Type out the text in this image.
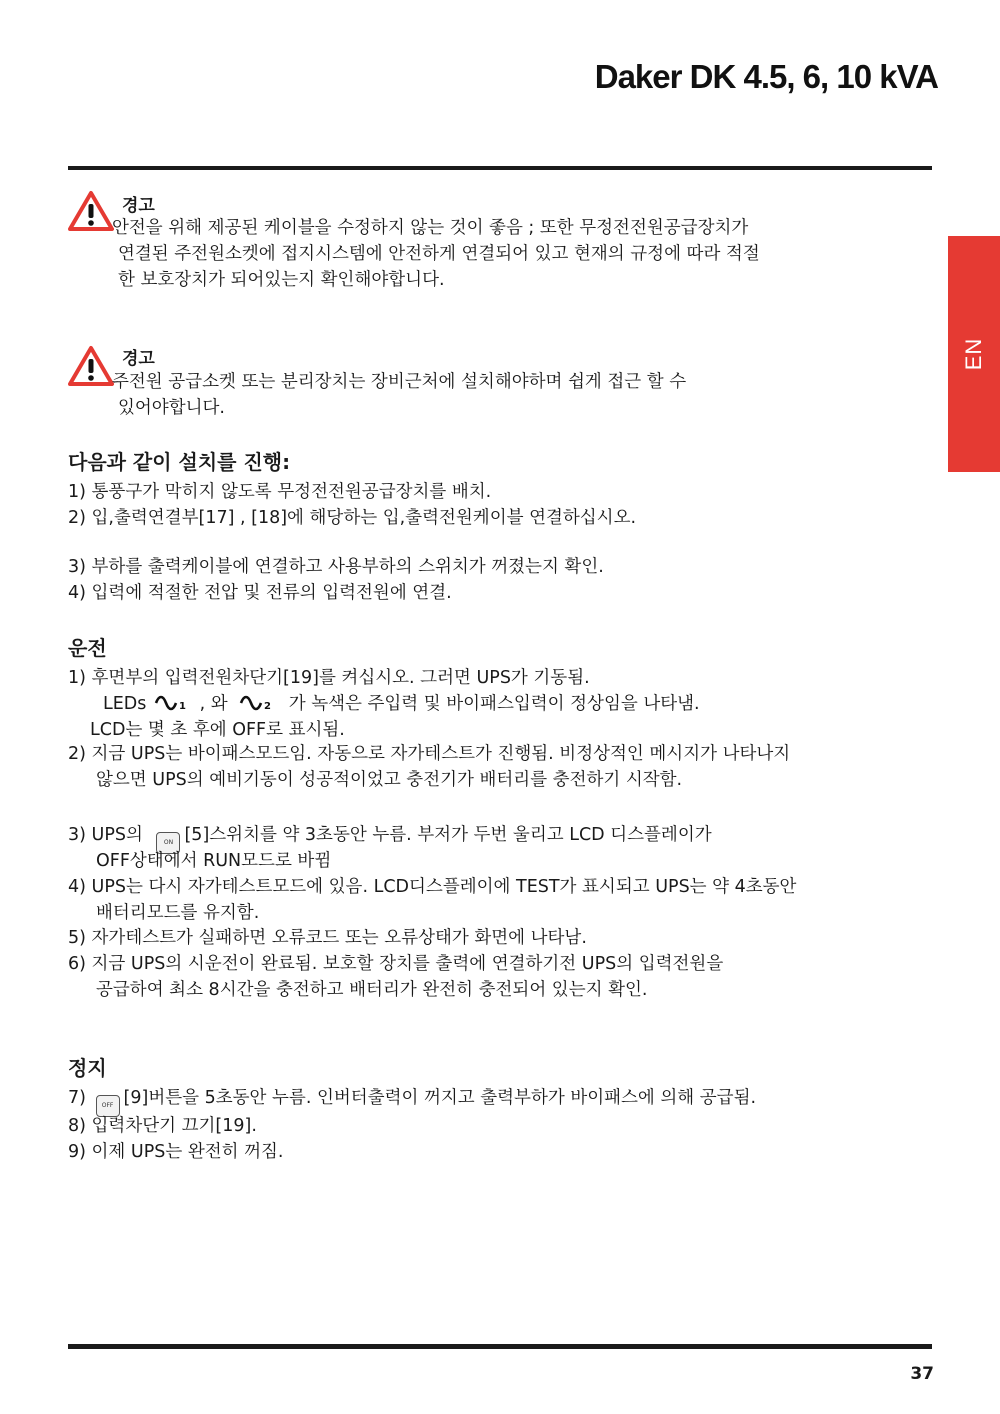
Daker DK 4.5, 6, 10 kVA
EN
경고
안전을 위해 제공된 케이블을 수정하지 않는 것이 좋음 ; 또한 무정전전원공급장치가
연결된 주전원소켓에 접지시스템에 안전하게 연결되어 있고 현재의 규정에 따라 적절
한 보호장치가 되어있는지 확인해야합니다.
경고
주전원 공급소켓 또는 분리장치는 장비근처에 설치해야하며 쉽게 접근 할 수
있어야합니다.
다음과 같이 설치를 진행:
1) 통풍구가 막히지 않도록 무정전전원공급장치를 배치.
2) 입,출력연결부[17] , [18]에 해당하는 입,출력전원케이블 연결하십시오.
3) 부하를 출력케이블에 연결하고 사용부하의 스위치가 꺼졌는지 확인.
4) 입력에 적절한 전압 및 전류의 입력전원에 연결.
운전
1) 후면부의 입력전원차단기[19]를 켜십시오. 그러면 UPS가 기동됨.
LEDs	1 , 와	2 가 녹색은 주입력 및 바이패스입력이 정상임을 나타냄.
LCD는 몇 초 후에 OFF로 표시됨.
2) 지금 UPS는 바이패스모드임. 자동으로 자가테스트가 진행됨. 비정상적인 메시지가 나타나지
않으면 UPS의 예비기동이 성공적이었고 충전기가 배터리를 충전하기 시작함.
3) UPS의	ON [5]스위치를 약 3초동안 누름. 부저가 두번 울리고 LCD 디스플레이가
OFF상태에서 RUN모드로 바뀜
4) UPS는 다시 자가테스트모드에 있음. LCD디스플레이에 TEST가 표시되고 UPS는 약 4초동안
배터리모드를 유지함.
5) 자가테스트가 실패하면 오류코드 또는 오류상태가 화면에 나타남.
6) 지금 UPS의 시운전이 완료됨. 보호할 장치를 출력에 연결하기전 UPS의 입력전원을
공급하여 최소 8시간을 충전하고 배터리가 완전히 충전되어 있는지 확인.
정지
7)	OFF [9]버튼을 5초동안 누름. 인버터출력이 꺼지고 출력부하가 바이패스에 의해 공급됨.
8) 입력차단기 끄기[19].
9) 이제 UPS는 완전히 꺼짐.
37
